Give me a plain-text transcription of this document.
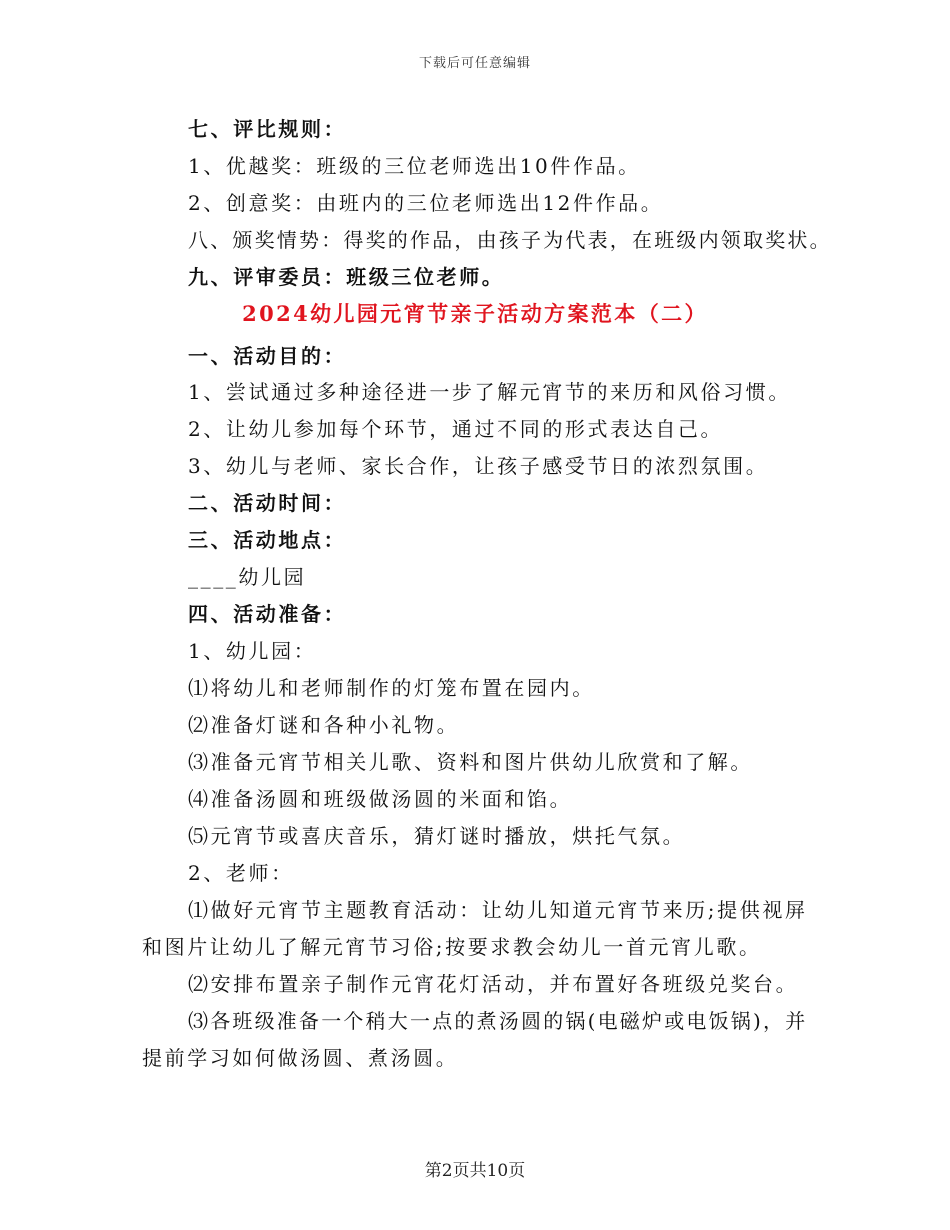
下载后可任意编辑
七、评比规则：
1、优越奖：班级的三位老师选出10件作品。
2、创意奖：由班内的三位老师选出12件作品。
八、颁奖情势：得奖的作品，由孩子为代表，在班级内领取奖状。
九、评审委员：班级三位老师。
2024幼儿园元宵节亲子活动方案范本（二）
一、活动目的：
1、尝试通过多种途径进一步了解元宵节的来历和风俗习惯。
2、让幼儿参加每个环节，通过不同的形式表达自己。
3、幼儿与老师、家长合作，让孩子感受节日的浓烈氛围。
二、活动时间：
三、活动地点：
____幼儿园
四、活动准备：
1、幼儿园：
⑴将幼儿和老师制作的灯笼布置在园内。
⑵准备灯谜和各种小礼物。
⑶准备元宵节相关儿歌、资料和图片供幼儿欣赏和了解。
⑷准备汤圆和班级做汤圆的米面和馅。
⑸元宵节或喜庆音乐，猜灯谜时播放，烘托气氛。
2、老师：
⑴做好元宵节主题教育活动：让幼儿知道元宵节来历;提供视屏
和图片让幼儿了解元宵节习俗;按要求教会幼儿一首元宵儿歌。
⑵安排布置亲子制作元宵花灯活动，并布置好各班级兑奖台。
⑶各班级准备一个稍大一点的煮汤圆的锅(电磁炉或电饭锅)，并
提前学习如何做汤圆、煮汤圆。
第2页共10页
